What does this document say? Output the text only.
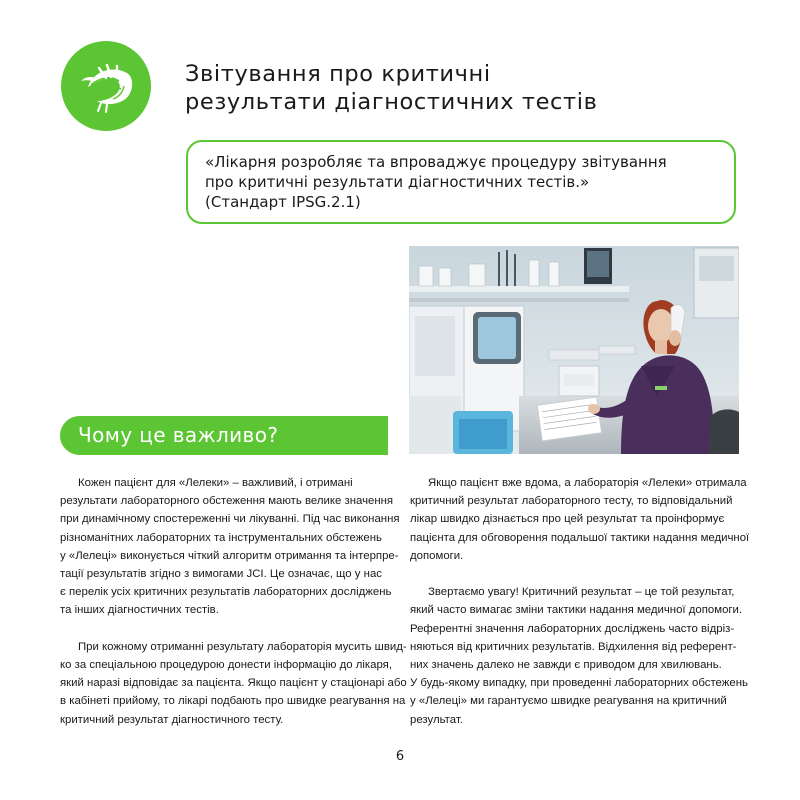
Звітування про критичні
результати діагностичних тестів
«Лікарня розробляє та впроваджує процедуру звітування
про критичні результати діагностичних тестів.»
(Стандарт IPSG.2.1)
Чому це важливо?

Кожен пацієнт для «Лелеки» – важливий, і отримані
результати лабораторного обстеження мають велике значення
при динамічному спостереженні чи лікуванні. Під час виконання
різноманітних лабораторних та інструментальних обстежень
у «Лелеці» виконується чіткий алгоритм отримання та інтерпре-
тації результатів згідно з вимогами JCI. Це означає, що у нас
є перелік усіх критичних результатів лабораторних досліджень
та інших діагностичних тестів.

При кожному отриманні результату лабораторія мусить швид-
ко за спеціальною процедурою донести інформацію до лікаря,
який наразі відповідає за пацієнта. Якщо пацієнт у стаціонарі або
в кабінеті прийому, то лікарі подбають про швидке реагування на
критичний результат діагностичного тесту.

Якщо пацієнт вже вдома, а лабораторія «Лелеки» отримала
критичний результат лабораторного тесту, то відповідальний
лікар швидко дізнається про цей результат та проінформує
пацієнта для обговорення подальшої тактики надання медичної
допомоги.

Звертаємо увагу! Критичний результат – це той результат,
який часто вимагає зміни тактики надання медичної допомоги.
Референтні значення лабораторних досліджень часто відріз-
няються від критичних результатів. Відхилення від референт-
них значень далеко не завжди є приводом для хвилювань.
У будь-якому випадку, при проведенні лабораторних обстежень
у «Лелеці» ми гарантуємо швидке реагування на критичний
результат.

6
